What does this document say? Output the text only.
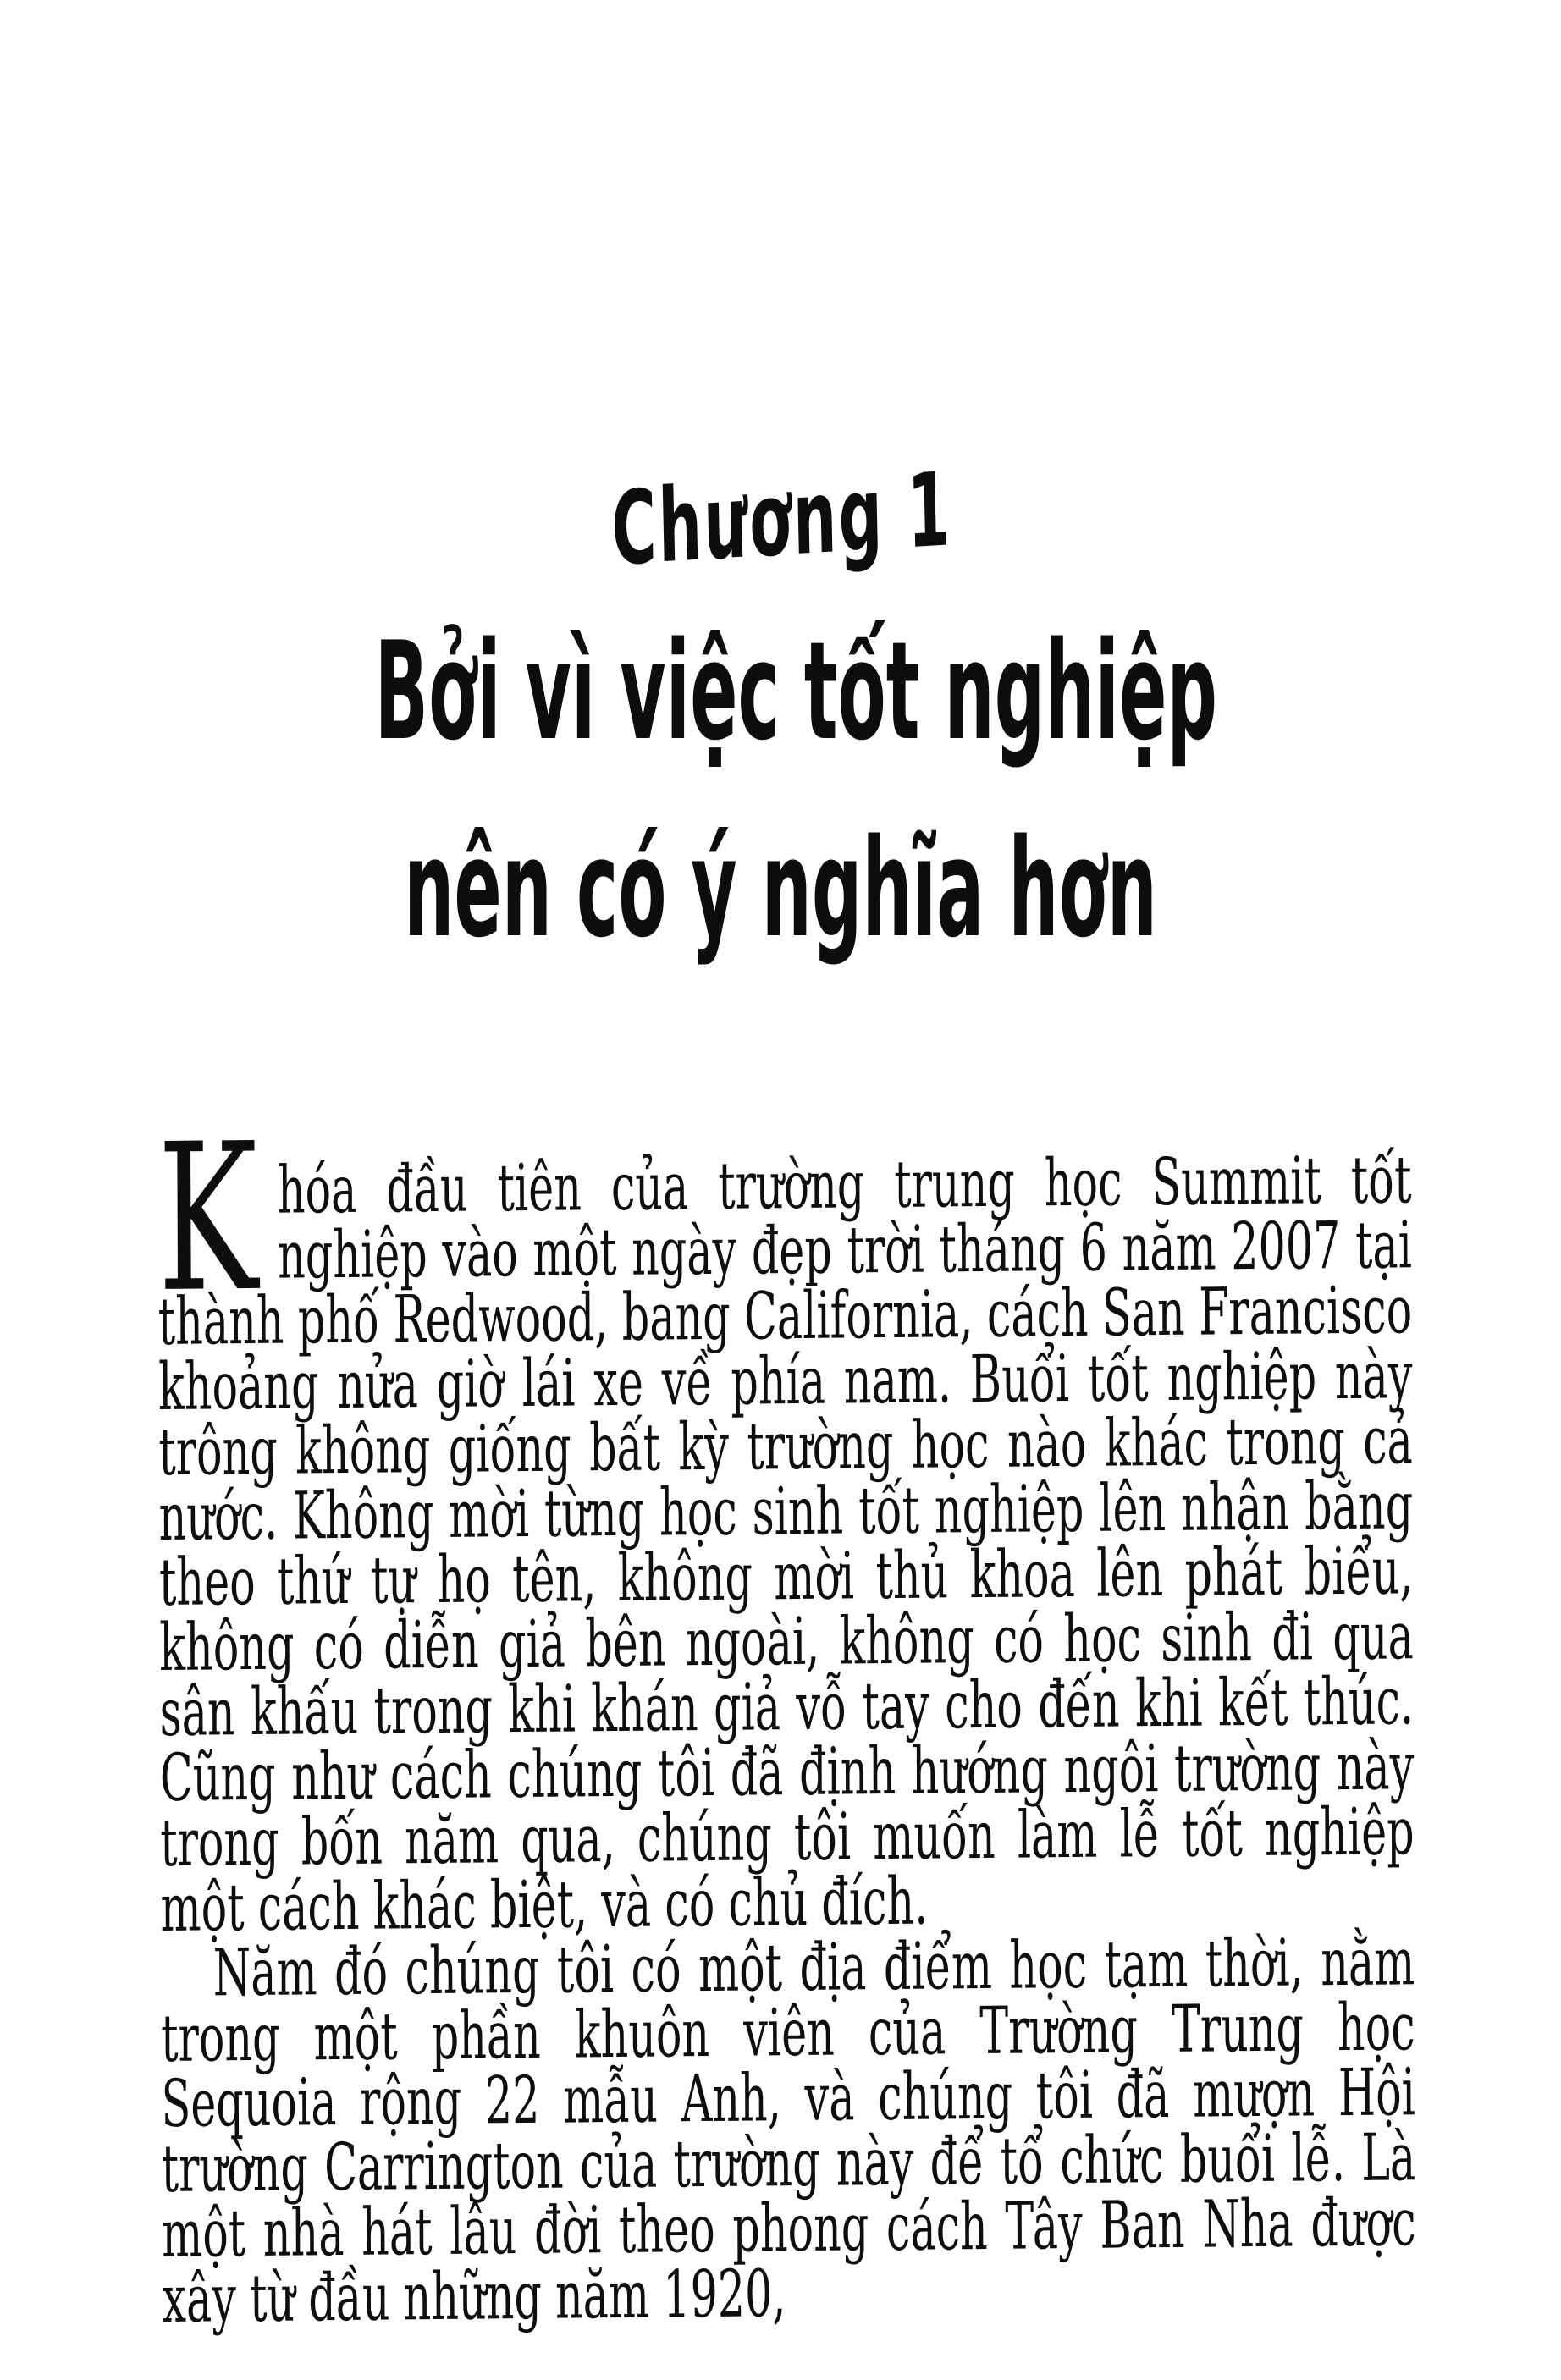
Chương 1
Bởi vì việc tốt nghiệp
nên có ý nghĩa hơn

K hóa đầu tiên của trường trung học Summit tốt nghiệp vào một ngày đẹp trời tháng 6 năm 2007 tại thành phố Redwood, bang California, cách San Francisco khoảng nửa giờ lái xe về phía nam. Buổi tốt nghiệp này trông không giống bất kỳ trường học nào khác trong cả nước. Không mời từng học sinh tốt nghiệp lên nhận bằng theo thứ tự họ tên, không mời thủ khoa lên phát biểu, không có diễn giả bên ngoài, không có học sinh đi qua sân khấu trong khi khán giả vỗ tay cho đến khi kết thúc. Cũng như cách chúng tôi đã định hướng ngôi trường này trong bốn năm qua, chúng tôi muốn làm lễ tốt nghiệp một cách khác biệt, và có chủ đích.

Năm đó chúng tôi có một địa điểm học tạm thời, nằm trong một phần khuôn viên của Trường Trung học Sequoia rộng 22 mẫu Anh, và chúng tôi đã mượn Hội trường Carrington của trường này để tổ chức buổi lễ. Là một nhà hát lâu đời theo phong cách Tây Ban Nha được xây từ đầu những năm 1920,
